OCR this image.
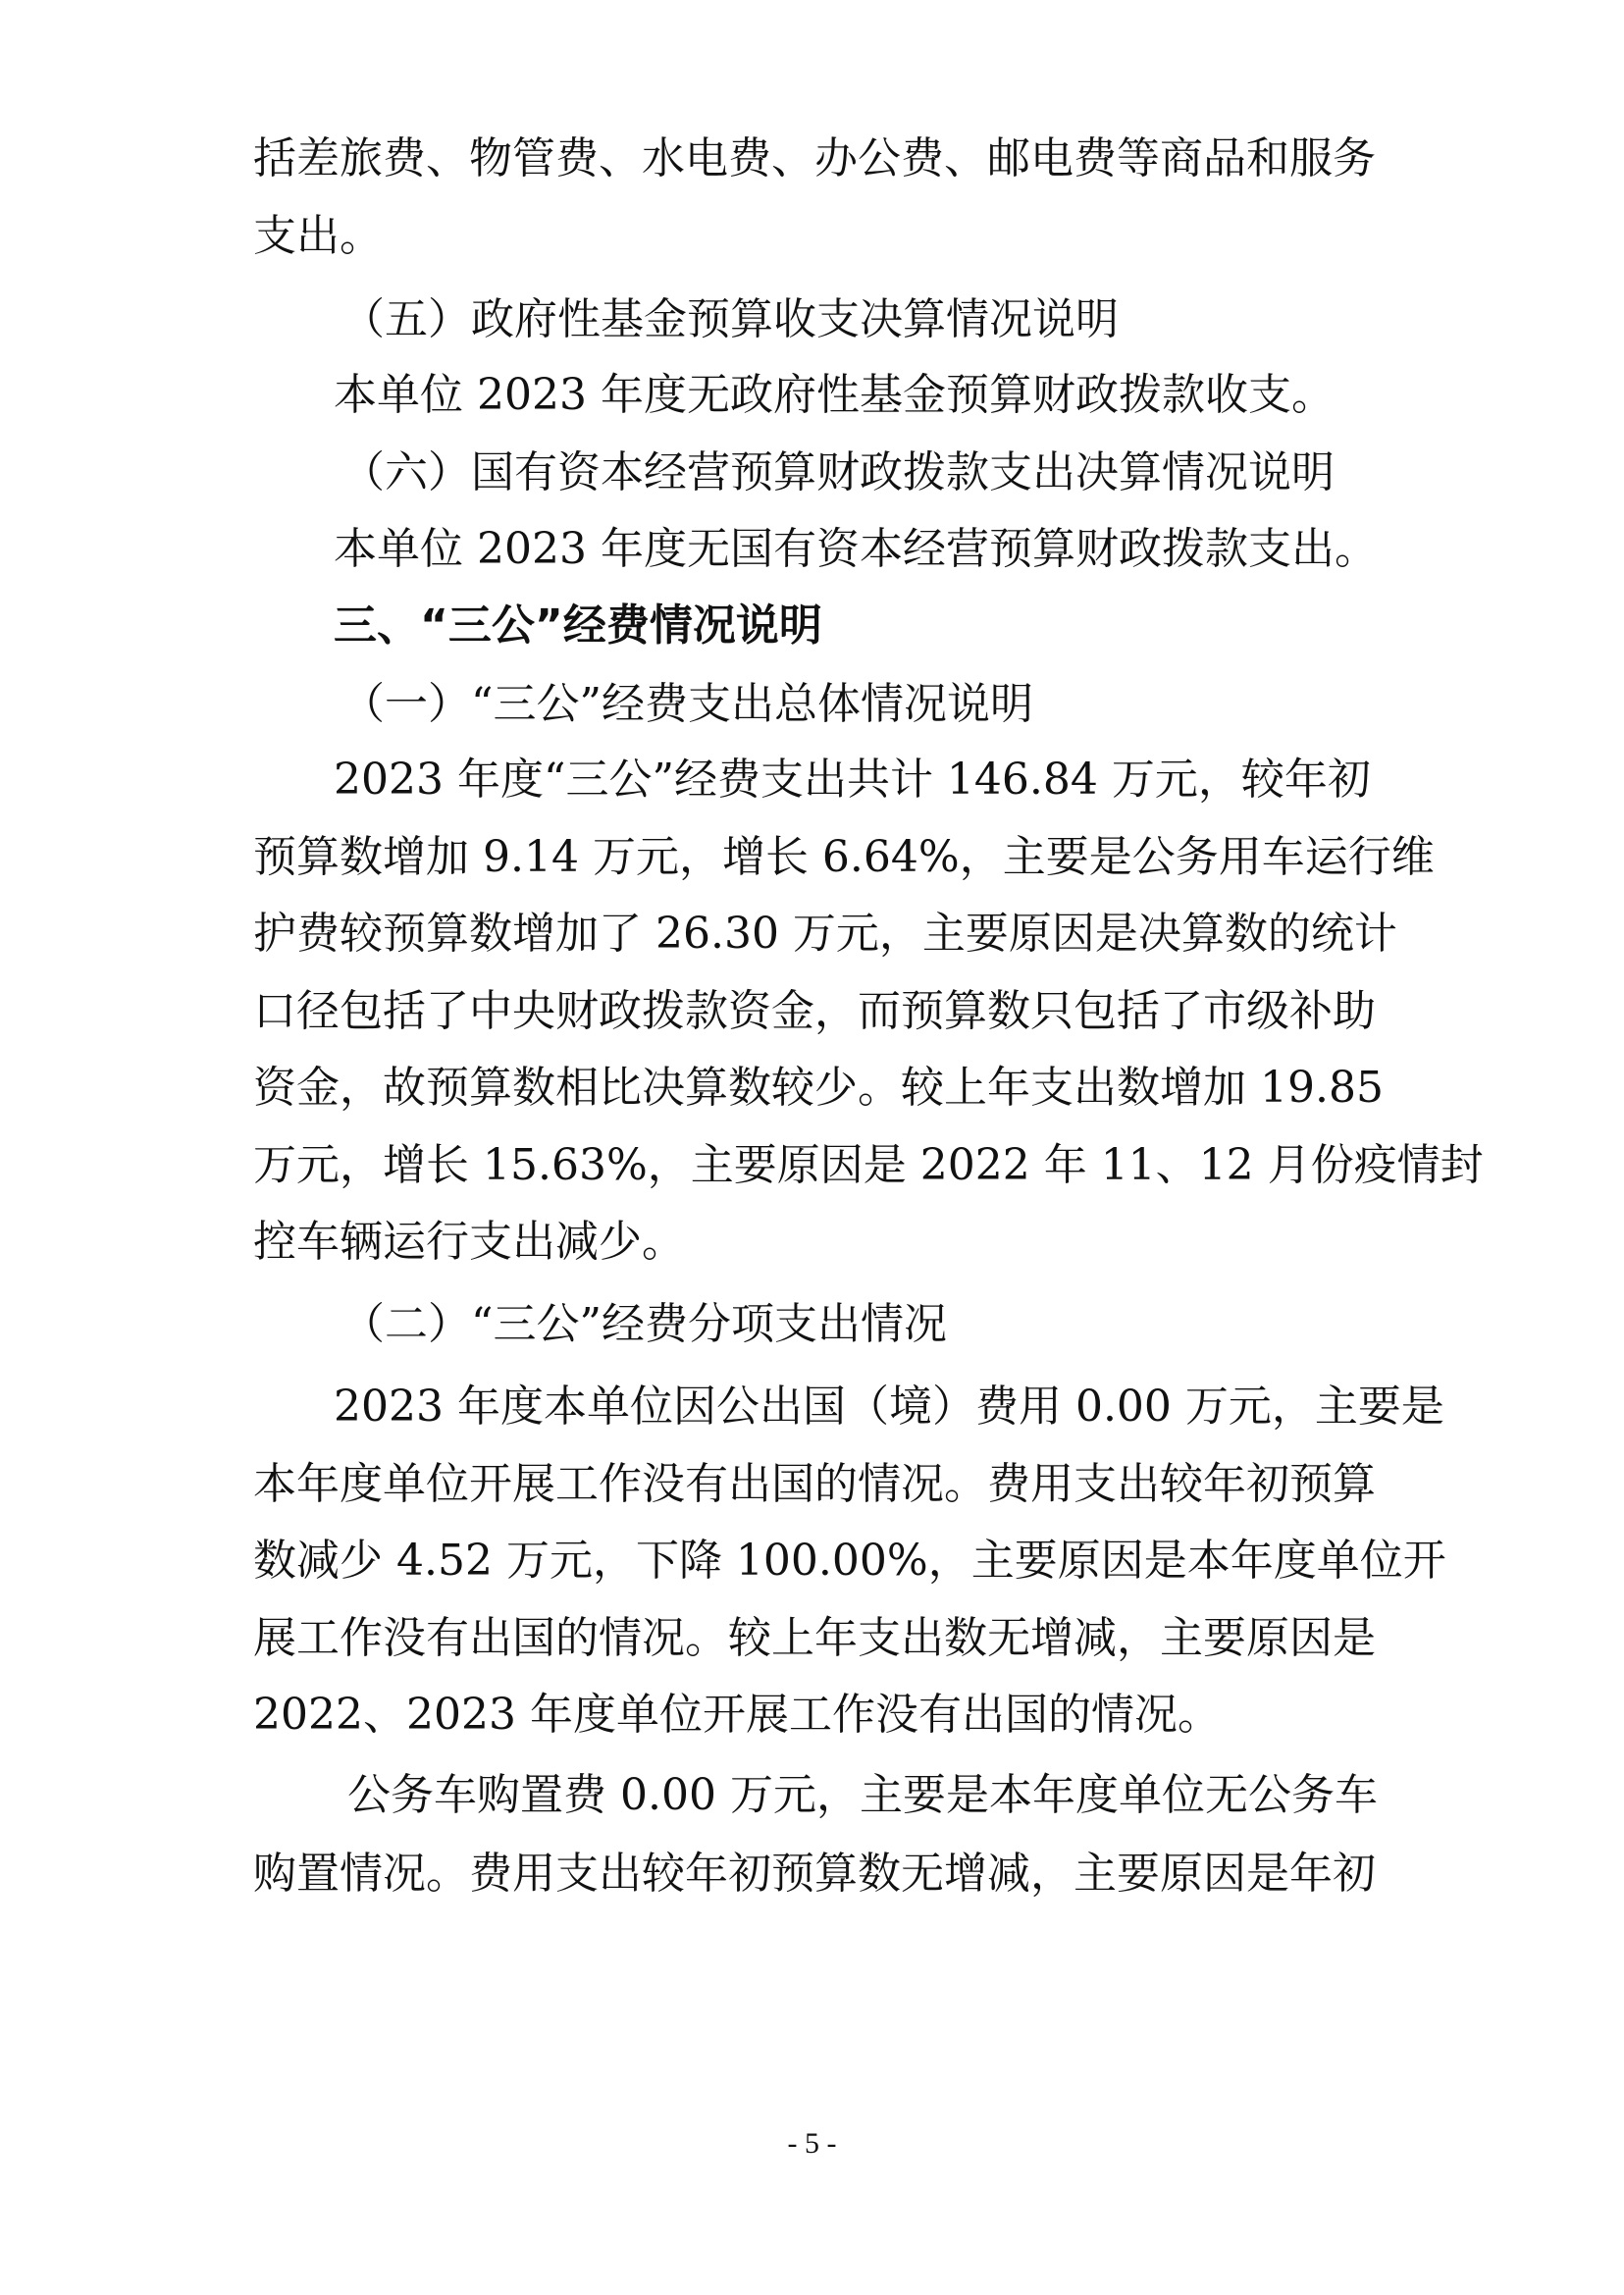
括差旅费、物管费、水电费、办公费、邮电费等商品和服务

支出。

（五）政府性基金预算收支决算情况说明

本单位 2023 年度无政府性基金预算财政拨款收支。

（六）国有资本经营预算财政拨款支出决算情况说明

本单位 2023 年度无国有资本经营预算财政拨款支出。

三、“三公”经费情况说明

（一）“三公”经费支出总体情况说明

2023 年度“三公”经费支出共计 146.84 万元，较年初

预算数增加 9.14 万元，增长 6.64%，主要是公务用车运行维

护费较预算数增加了 26.30 万元，主要原因是决算数的统计

口径包括了中央财政拨款资金，而预算数只包括了市级补助

资金，故预算数相比决算数较少。较上年支出数增加 19.85

万元，增长 15.63%，主要原因是 2022 年 11、12 月份疫情封

控车辆运行支出减少。

（二）“三公”经费分项支出情况

2023 年度本单位因公出国（境）费用 0.00 万元，主要是

本年度单位开展工作没有出国的情况。费用支出较年初预算

数减少 4.52 万元，下降 100.00%，主要原因是本年度单位开

展工作没有出国的情况。较上年支出数无增减，主要原因是

2022、2023 年度单位开展工作没有出国的情况。

公务车购置费 0.00 万元，主要是本年度单位无公务车

购置情况。费用支出较年初预算数无增减，主要原因是年初

- 5 -
